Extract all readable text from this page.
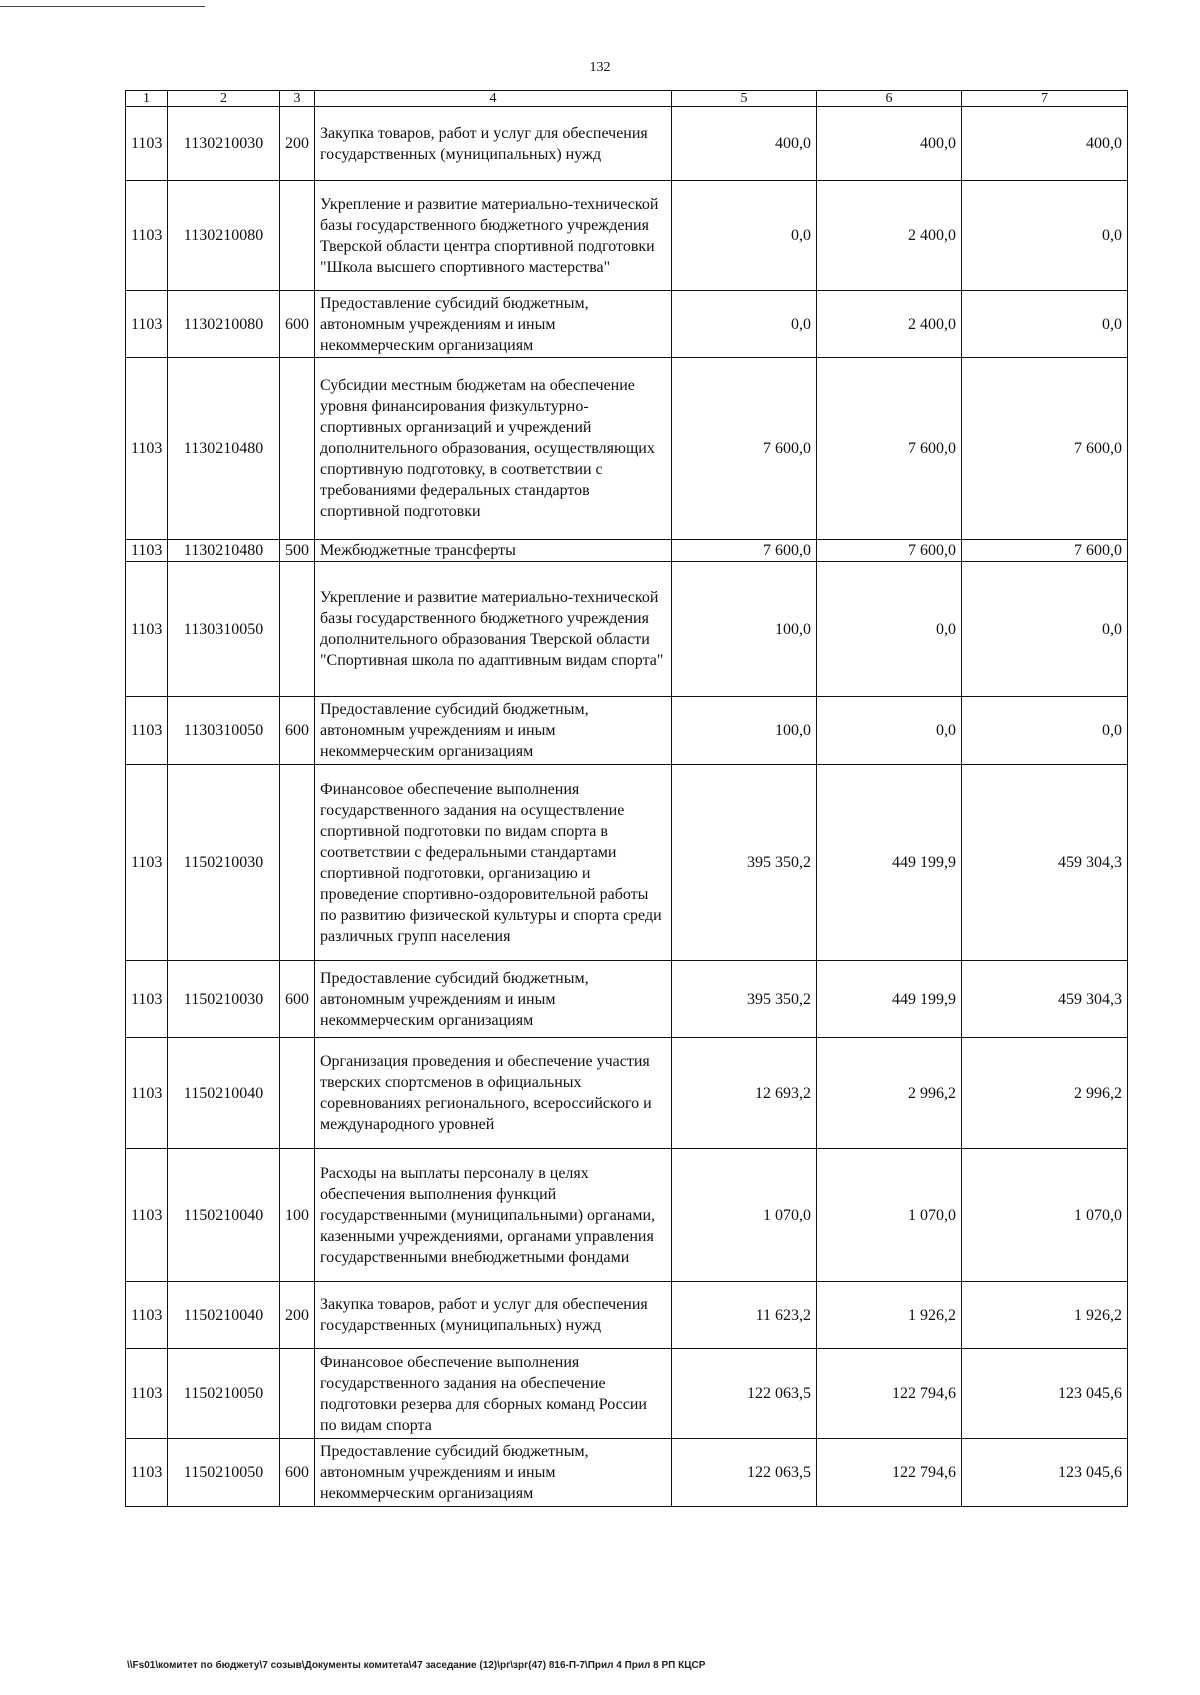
132
1	2	3	4	5	6	7
1103	1130210030	200	Закупка товаров, работ и услуг для обеспечения государственных (муниципальных) нужд	400,0	400,0	400,0
1103	1130210080		Укрепление и развитие материально-технической базы государственного бюджетного учреждения Тверской области центра спортивной подготовки "Школа высшего спортивного мастерства"	0,0	2 400,0	0,0
1103	1130210080	600	Предоставление субсидий бюджетным, автономным учреждениям и иным некоммерческим организациям	0,0	2 400,0	0,0
1103	1130210480		Субсидии местным бюджетам на обеспечение уровня финансирования физкультурно-спортивных организаций и учреждений дополнительного образования, осуществляющих спортивную подготовку, в соответствии с требованиями федеральных стандартов спортивной подготовки	7 600,0	7 600,0	7 600,0
1103	1130210480	500	Межбюджетные трансферты	7 600,0	7 600,0	7 600,0
1103	1130310050		Укрепление и развитие материально-технической базы государственного бюджетного учреждения дополнительного образования Тверской области "Спортивная школа по адаптивным видам спорта"	100,0	0,0	0,0
1103	1130310050	600	Предоставление субсидий бюджетным, автономным учреждениям и иным некоммерческим организациям	100,0	0,0	0,0
1103	1150210030		Финансовое обеспечение выполнения государственного задания на осуществление спортивной подготовки по видам спорта в соответствии с федеральными стандартами спортивной подготовки, организацию и проведение спортивно-оздоровительной работы по развитию физической культуры и спорта среди различных групп населения	395 350,2	449 199,9	459 304,3
1103	1150210030	600	Предоставление субсидий бюджетным, автономным учреждениям и иным некоммерческим организациям	395 350,2	449 199,9	459 304,3
1103	1150210040		Организация проведения и обеспечение участия тверских спортсменов в официальных соревнованиях регионального, всероссийского и международного уровней	12 693,2	2 996,2	2 996,2
1103	1150210040	100	Расходы на выплаты персоналу в целях обеспечения выполнения функций государственными (муниципальными) органами, казенными учреждениями, органами управления государственными внебюджетными фондами	1 070,0	1 070,0	1 070,0
1103	1150210040	200	Закупка товаров, работ и услуг для обеспечения государственных (муниципальных) нужд	11 623,2	1 926,2	1 926,2
1103	1150210050		Финансовое обеспечение выполнения государственного задания на обеспечение подготовки резерва для сборных команд России по видам спорта	122 063,5	122 794,6	123 045,6
1103	1150210050	600	Предоставление субсидий бюджетным, автономным учреждениям и иным некоммерческим организациям	122 063,5	122 794,6	123 045,6
\\Fs01\комитет по бюджету\7 созыв\Документы комитета\47 заседание (12)\рг\зрг(47) 816-П-7\Прил 4 Прил 8 РП КЦСР
